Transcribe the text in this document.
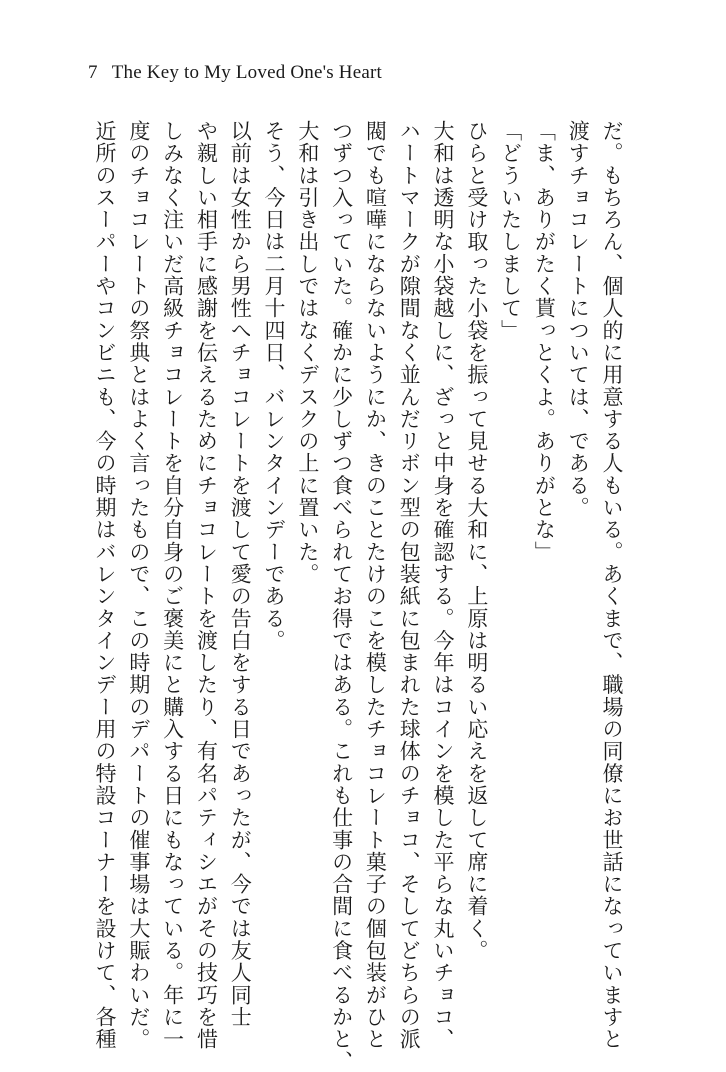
7 The Key to My Loved One's Heart
だ。もちろん、個人的に用意する人もいる。あくまで、職場の同僚にお世話になっていますと
渡すチョコレートについては、である。
「ま、ありがたく貰っとくよ。ありがとな」
「どういたしまして」
ひらと受け取った小袋を振って見せる大和に、上原は明るい応えを返して席に着く。
大和は透明な小袋越しに、ざっと中身を確認する。今年はコインを模した平らな丸いチョコ、
ハートマークが隙間なく並んだリボン型の包装紙に包まれた球体のチョコ、そしてどちらの派
閥でも喧嘩にならないようにか、きのことたけのこを模したチョコレート菓子の個包装がひと
つずつ入っていた。確かに少しずつ食べられてお得ではある。これも仕事の合間に食べるかと、
大和は引き出しではなくデスクの上に置いた。
そう、今日は二月十四日、バレンタインデーである。
以前は女性から男性へチョコレートを渡して愛の告白をする日であったが、今では友人同士
や親しい相手に感謝を伝えるためにチョコレートを渡したり、有名パティシエがその技巧を惜
しみなく注いだ高級チョコレートを自分自身のご褒美にと購入する日にもなっている。年に一
度のチョコレートの祭典とはよく言ったもので、この時期のデパートの催事場は大賑わいだ。
近所のスーパーやコンビニも、今の時期はバレンタインデー用の特設コーナーを設けて、各種
